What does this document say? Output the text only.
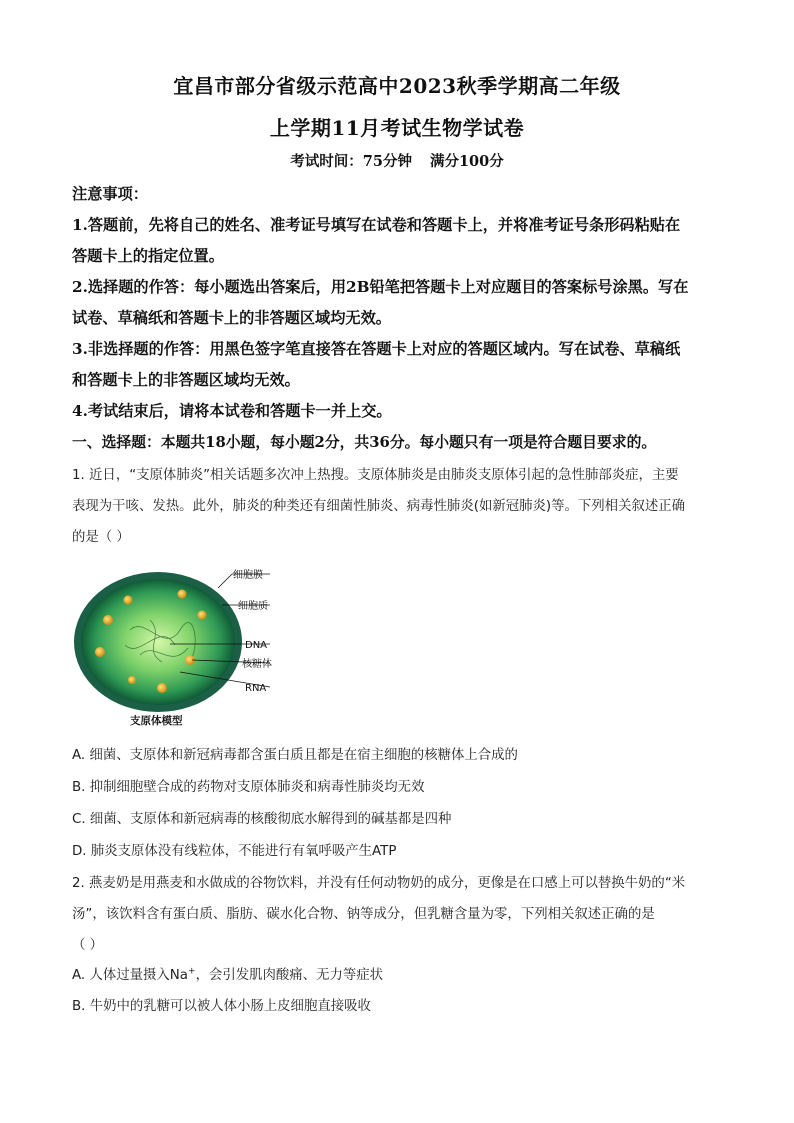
宜昌市部分省级示范高中2023秋季学期高二年级
上学期11月考试生物学试卷
考试时间：75分钟 满分100分
注意事项：
1.答题前，先将自己的姓名、准考证号填写在试卷和答题卡上，并将准考证号条形码粘贴在
答题卡上的指定位置。
2.选择题的作答：每小题选出答案后，用2B铅笔把答题卡上对应题目的答案标号涂黑。写在
试卷、草稿纸和答题卡上的非答题区域均无效。
3.非选择题的作答：用黑色签字笔直接答在答题卡上对应的答题区域内。写在试卷、草稿纸
和答题卡上的非答题区域均无效。
4.考试结束后，请将本试卷和答题卡一并上交。
一、选择题：本题共18小题，每小题2分，共36分。每小题只有一项是符合题目要求的。
1. 近日，“支原体肺炎”相关话题多次冲上热搜。支原体肺炎是由肺炎支原体引起的急性肺部炎症，主要
表现为干咳、发热。此外，肺炎的种类还有细菌性肺炎、病毒性肺炎(如新冠肺炎)等。下列相关叙述正确
的是（ ）
细胞膜
细胞质
DNA
核糖体
RNA
支原体模型
A. 细菌、支原体和新冠病毒都含蛋白质且都是在宿主细胞的核糖体上合成的
B. 抑制细胞壁合成的药物对支原体肺炎和病毒性肺炎均无效
C. 细菌、支原体和新冠病毒的核酸彻底水解得到的碱基都是四种
D. 肺炎支原体没有线粒体，不能进行有氧呼吸产生ATP
2. 燕麦奶是用燕麦和水做成的谷物饮料，并没有任何动物奶的成分，更像是在口感上可以替换牛奶的“米
汤”，该饮料含有蛋白质、脂肪、碳水化合物、钠等成分，但乳糖含量为零，下列相关叙述正确的是
（ ）
A. 人体过量摄入Na+，会引发肌肉酸痛、无力等症状
B. 牛奶中的乳糖可以被人体小肠上皮细胞直接吸收
